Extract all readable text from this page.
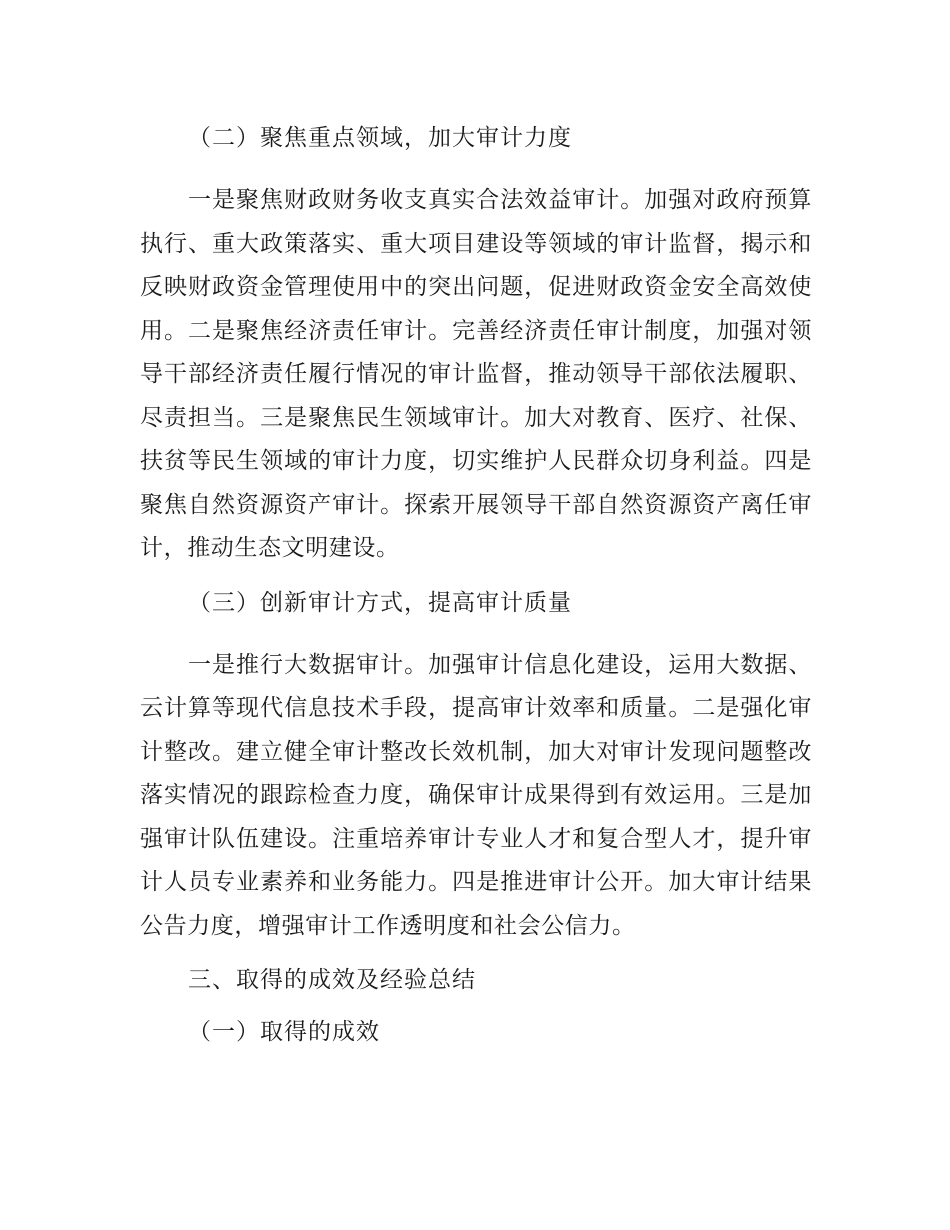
（二）聚焦重点领域，加大审计力度

一是聚焦财政财务收支真实合法效益审计。加强对政府预算执行、重大政策落实、重大项目建设等领域的审计监督，揭示和反映财政资金管理使用中的突出问题，促进财政资金安全高效使用。二是聚焦经济责任审计。完善经济责任审计制度，加强对领导干部经济责任履行情况的审计监督，推动领导干部依法履职、尽责担当。三是聚焦民生领域审计。加大对教育、医疗、社保、扶贫等民生领域的审计力度，切实维护人民群众切身利益。四是聚焦自然资源资产审计。探索开展领导干部自然资源资产离任审计，推动生态文明建设。

（三）创新审计方式，提高审计质量

一是推行大数据审计。加强审计信息化建设，运用大数据、云计算等现代信息技术手段，提高审计效率和质量。二是强化审计整改。建立健全审计整改长效机制，加大对审计发现问题整改落实情况的跟踪检查力度，确保审计成果得到有效运用。三是加强审计队伍建设。注重培养审计专业人才和复合型人才，提升审计人员专业素养和业务能力。四是推进审计公开。加大审计结果公告力度，增强审计工作透明度和社会公信力。

三、取得的成效及经验总结

（一）取得的成效
